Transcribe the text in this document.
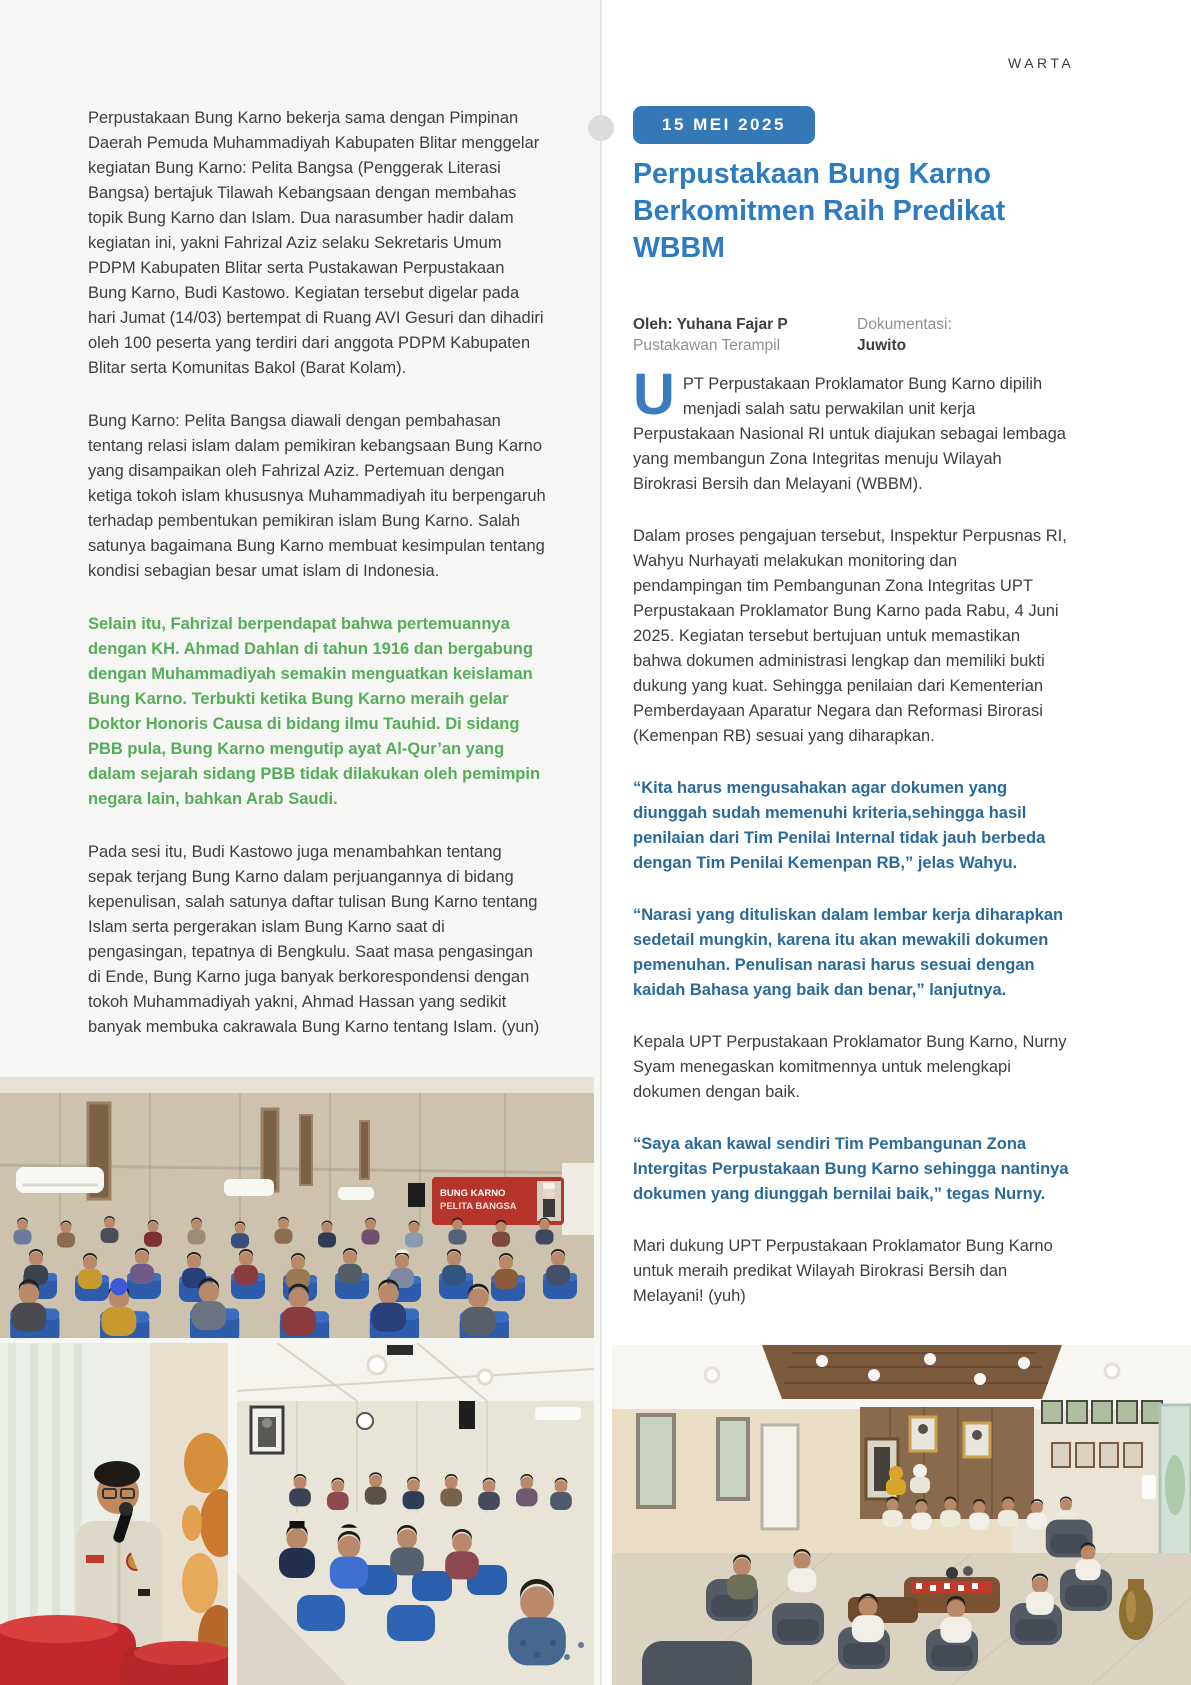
WARTA

Perpustakaan Bung Karno bekerja sama dengan Pimpinan Daerah Pemuda Muhammadiyah Kabupaten Blitar menggelar kegiatan Bung Karno: Pelita Bangsa (Penggerak Literasi Bangsa) bertajuk Tilawah Kebangsaan dengan membahas topik Bung Karno dan Islam. Dua narasumber hadir dalam kegiatan ini, yakni Fahrizal Aziz selaku Sekretaris Umum PDPM Kabupaten Blitar serta Pustakawan Perpustakaan Bung Karno, Budi Kastowo. Kegiatan tersebut digelar pada hari Jumat (14/03) bertempat di Ruang AVI Gesuri dan dihadiri oleh 100 peserta yang terdiri dari anggota PDPM Kabupaten Blitar serta Komunitas Bakol (Barat Kolam).

Bung Karno: Pelita Bangsa diawali dengan pembahasan tentang relasi islam dalam pemikiran kebangsaan Bung Karno yang disampaikan oleh Fahrizal Aziz. Pertemuan dengan ketiga tokoh islam khususnya Muhammadiyah itu berpengaruh terhadap pembentukan pemikiran islam Bung Karno. Salah satunya bagaimana Bung Karno membuat kesimpulan tentang kondisi sebagian besar umat islam di Indonesia.

Selain itu, Fahrizal berpendapat bahwa pertemuannya dengan KH. Ahmad Dahlan di tahun 1916 dan bergabung dengan Muhammadiyah semakin menguatkan keislaman Bung Karno. Terbukti ketika Bung Karno meraih gelar Doktor Honoris Causa di bidang ilmu Tauhid. Di sidang PBB pula, Bung Karno mengutip ayat Al-Qur’an yang dalam sejarah sidang PBB tidak dilakukan oleh pemimpin negara lain, bahkan Arab Saudi.

Pada sesi itu, Budi Kastowo juga menambahkan tentang sepak terjang Bung Karno dalam perjuangannya di bidang kepenulisan, salah satunya daftar tulisan Bung Karno tentang Islam serta pergerakan islam Bung Karno saat di pengasingan, tepatnya di Bengkulu. Saat masa pengasingan di Ende, Bung Karno juga banyak berkorespondensi dengan tokoh Muhammadiyah yakni, Ahmad Hassan yang sedikit banyak membuka cakrawala Bung Karno tentang Islam. (yun)

15 MEI 2025
Perpustakaan Bung Karno Berkomitmen Raih Predikat WBBM
Oleh: Yuhana Fajar P
Pustakawan Terampil
Dokumentasi:
Juwito

UPT Perpustakaan Proklamator Bung Karno dipilih menjadi salah satu perwakilan unit kerja Perpustakaan Nasional RI untuk diajukan sebagai lembaga yang membangun Zona Integritas menuju Wilayah Birokrasi Bersih dan Melayani (WBBM).

Dalam proses pengajuan tersebut, Inspektur Perpusnas RI, Wahyu Nurhayati melakukan monitoring dan pendampingan tim Pembangunan Zona Integritas UPT Perpustakaan Proklamator Bung Karno pada Rabu, 4 Juni 2025. Kegiatan tersebut bertujuan untuk memastikan bahwa dokumen administrasi lengkap dan memiliki bukti dukung yang kuat. Sehingga penilaian dari Kementerian Pemberdayaan Aparatur Negara dan Reformasi Birorasi (Kemenpan RB) sesuai yang diharapkan.

“Kita harus mengusahakan agar dokumen yang diunggah sudah memenuhi kriteria,sehingga hasil penilaian dari Tim Penilai Internal tidak jauh berbeda dengan Tim Penilai Kemenpan RB,” jelas Wahyu.

“Narasi yang dituliskan dalam lembar kerja diharapkan sedetail mungkin, karena itu akan mewakili dokumen pemenuhan. Penulisan narasi harus sesuai dengan kaidah Bahasa yang baik dan benar,” lanjutnya.

Kepala UPT Perpustakaan Proklamator Bung Karno, Nurny Syam menegaskan komitmennya untuk melengkapi dokumen dengan baik.

“Saya akan kawal sendiri Tim Pembangunan Zona Intergitas Perpustakaan Bung Karno sehingga nantinya dokumen yang diunggah bernilai baik,” tegas Nurny.

Mari dukung UPT Perpustakaan Proklamator Bung Karno untuk meraih predikat Wilayah Birokrasi Bersih dan Melayani! (yuh)

BUNG KARNO
PELITA BANGSA
